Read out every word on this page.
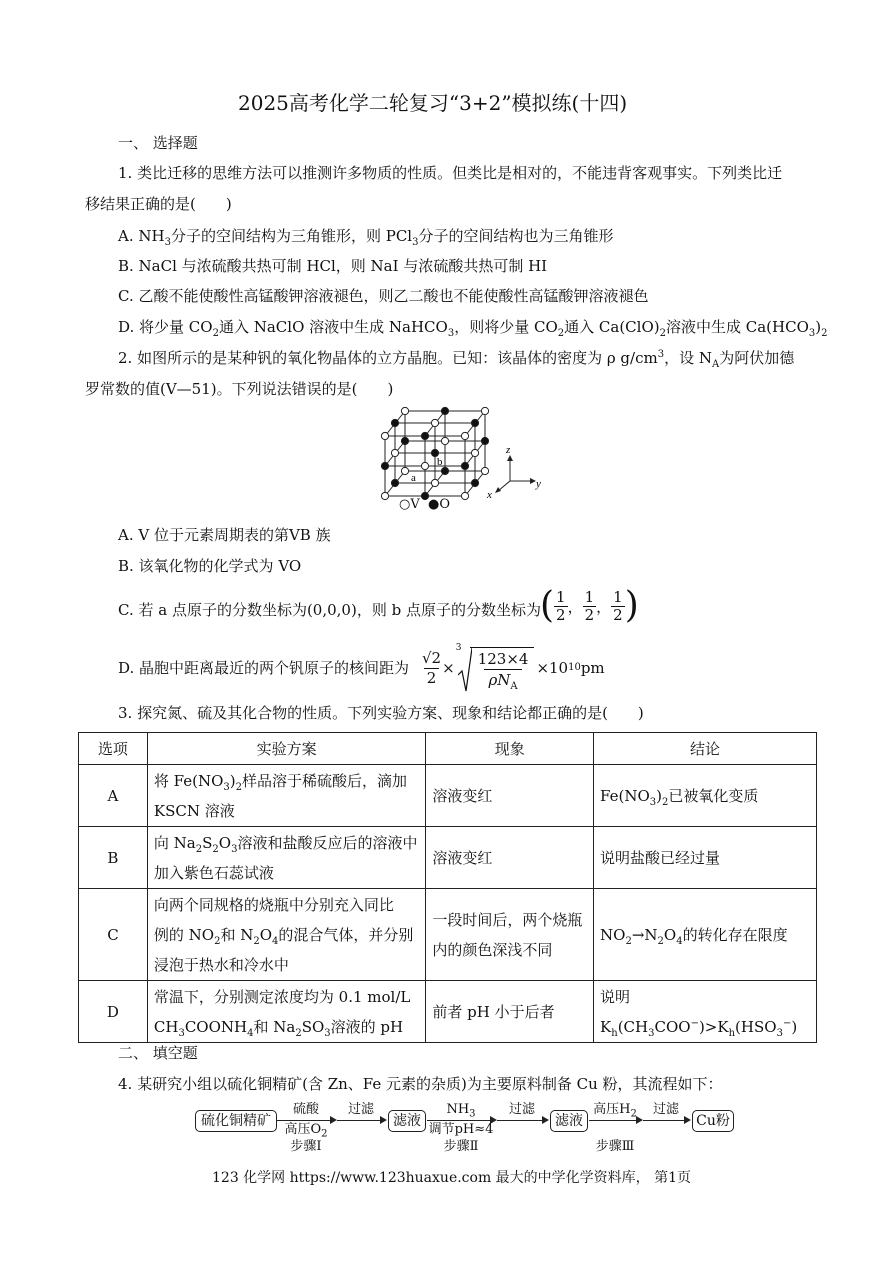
2025高考化学二轮复习“3+2”模拟练(十四)
一、 选择题
1. 类比迁移的思维方法可以推测许多物质的性质。但类比是相对的，不能违背客观事实。下列类比迁
移结果正确的是(　　)
A. $NH_3$分子的空间结构为三角锥形，则 PCl$_3$分子的空间结构也为三角锥形
B. NaCl 与浓硫酸共热可制 HCl，则 NaI 与浓硫酸共热可制 HI
C. 乙酸不能使酸性高锰酸钾溶液褪色，则乙二酸也不能使酸性高锰酸钾溶液褪色
D. 将少量 $CO_2$通入 NaClO 溶液中生成 NaHCO$_3$，则将少量 $CO_2$通入 $Ca(ClO)_2$溶液中生成 $Ca(HCO_3)_2$
2. 如图所示的是某种钒的氧化物晶体的立方晶胞。已知：该晶体的密度为 ρ $g/cm^3$，设 $N_A$为阿伏加德
罗常数的值(V—51)。下列说法错误的是(　　)
a
b
z
y
x
○V ●O
A. V 位于元素周期表的第ⅤB 族
B. 该氧化物的化学式为 VO
C. 若 a 点原子的分数坐标为(0,0,0)，则 b 点原子的分数坐标为 ( 1
2 ，
1
2 ，
1
2 )
D. 晶胞中距离最近的两个钒原子的核间距为 $\frac{√2}{2}$ ×
3
123×4
$\rho N_A$
×10 10 pm
3. 探究氮、硫及其化合物的性质。下列实验方案、现象和结论都正确的是(　　)
选项	实验方案	现象	结论
A	将 $Fe(NO_3)_2$样品溶于稀硫酸后，滴加
KSCN 溶液	溶液变红	$Fe(NO_3)_2$已被氧化变质
B	向 $Na_2S_2O_3$溶液和盐酸反应后的溶液中
加入紫色石蕊试液	溶液变红	说明盐酸已经过量
C	向两个同规格的烧瓶中分别充入同比
例的 $NO_2$和 $N_2O_4$的混合气体，并分别
浸泡于热水和冷水中	一段时间后，两个烧瓶
内的颜色深浅不同	$NO_2\to N_2O_4$的转化存在限度
D	常温下，分别测定浓度均为 0.1 mol/L
$CH_3COONH_4$和 $Na_2SO_3$溶液的 pH	前者 pH 小于后者	说明 $K_h(CH_3COO^-)>K_h(HSO_3^-)$
二、 填空题
4. 某研究小组以硫化铜精矿(含 Zn、Fe 元素的杂质)为主要原料制备 Cu 粉，其流程如下：
硫化铜精矿
硫酸
高压$O_2$
步骤Ⅰ
过滤
滤液
$NH_3$
调节pH≈4
步骤Ⅱ
过滤
滤液
高压$H_2$
步骤Ⅲ
过滤
Cu粉
123 化学网 https://www.123huaxue.com 最大的中学化学资料库， 第1页
